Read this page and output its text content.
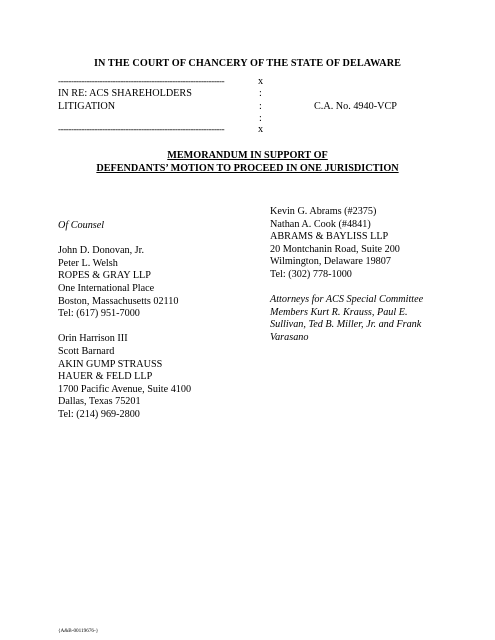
IN THE COURT OF CHANCERY OF THE STATE OF DELAWARE
----------------------------------------------------------------	x
IN RE: ACS SHAREHOLDERS	:
LITIGATION	:	C.A. No. 4940-VCP
:
----------------------------------------------------------------	x
MEMORANDUM IN SUPPORT OF
DEFENDANTS’ MOTION TO PROCEED IN ONE JURISDICTION
Of Counsel
John D. Donovan, Jr.
Peter L. Welsh
ROPES & GRAY LLP
One International Place
Boston, Massachusetts 02110
Tel: (617) 951-7000
Orin Harrison III
Scott Barnard
AKIN GUMP STRAUSS
HAUER & FELD LLP
1700 Pacific Avenue, Suite 4100
Dallas, Texas 75201
Tel: (214) 969-2800
Kevin G. Abrams (#2375)
Nathan A. Cook (#4841)
ABRAMS & BAYLISS LLP
20 Montchanin Road, Suite 200
Wilmington, Delaware 19807
Tel: (302) 778-1000
Attorneys for ACS Special Committee
Members Kurt R. Krauss, Paul E.
Sullivan, Ted B. Miller, Jr. and Frank
Varasano
{A&B-00119676-}
